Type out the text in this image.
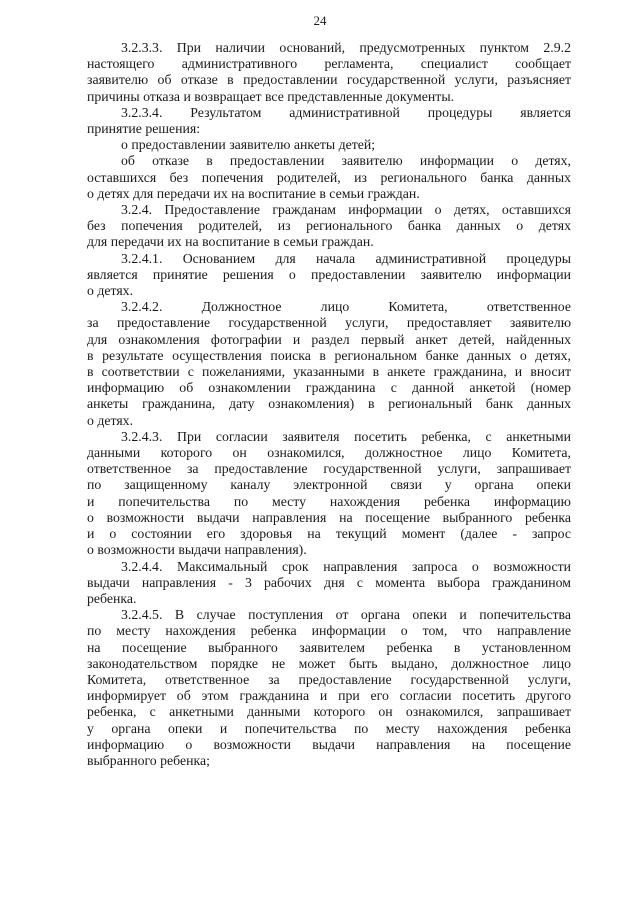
24

3.2.3.3. При наличии оснований, предусмотренных пунктом 2.9.2
настоящего административного регламента, специалист сообщает
заявителю об отказе в предоставлении государственной услуги, разъясняет
причины отказа и возвращает все представленные документы.

3.2.3.4. Результатом административной процедуры является
принятие решения:

о предоставлении заявителю анкеты детей;

об отказе в предоставлении заявителю информации о детях,
оставшихся без попечения родителей, из регионального банка данных
о детях для передачи их на воспитание в семьи граждан.

3.2.4. Предоставление гражданам информации о детях, оставшихся
без попечения родителей, из регионального банка данных о детях
для передачи их на воспитание в семьи граждан.

3.2.4.1. Основанием для начала административной процедуры
является принятие решения о предоставлении заявителю информации
о детях.

3.2.4.2. Должностное лицо Комитета, ответственное
за предоставление государственной услуги, предоставляет заявителю
для ознакомления фотографии и раздел первый анкет детей, найденных
в результате осуществления поиска в региональном банке данных о детях,
в соответствии с пожеланиями, указанными в анкете гражданина, и вносит
информацию об ознакомлении гражданина с данной анкетой (номер
анкеты гражданина, дату ознакомления) в региональный банк данных
о детях.

3.2.4.3. При согласии заявителя посетить ребенка, с анкетными
данными которого он ознакомился, должностное лицо Комитета,
ответственное за предоставление государственной услуги, запрашивает
по защищенному каналу электронной связи у органа опеки
и попечительства по месту нахождения ребенка информацию
о возможности выдачи направления на посещение выбранного ребенка
и о состоянии его здоровья на текущий момент (далее - запрос
о возможности выдачи направления).

3.2.4.4. Максимальный срок направления запроса о возможности
выдачи направления - 3 рабочих дня с момента выбора гражданином
ребенка.

3.2.4.5. В случае поступления от органа опеки и попечительства
по месту нахождения ребенка информации о том, что направление
на посещение выбранного заявителем ребенка в установленном
законодательством порядке не может быть выдано, должностное лицо
Комитета, ответственное за предоставление государственной услуги,
информирует об этом гражданина и при его согласии посетить другого
ребенка, с анкетными данными которого он ознакомился, запрашивает
у органа опеки и попечительства по месту нахождения ребенка
информацию о возможности выдачи направления на посещение
выбранного ребенка;
